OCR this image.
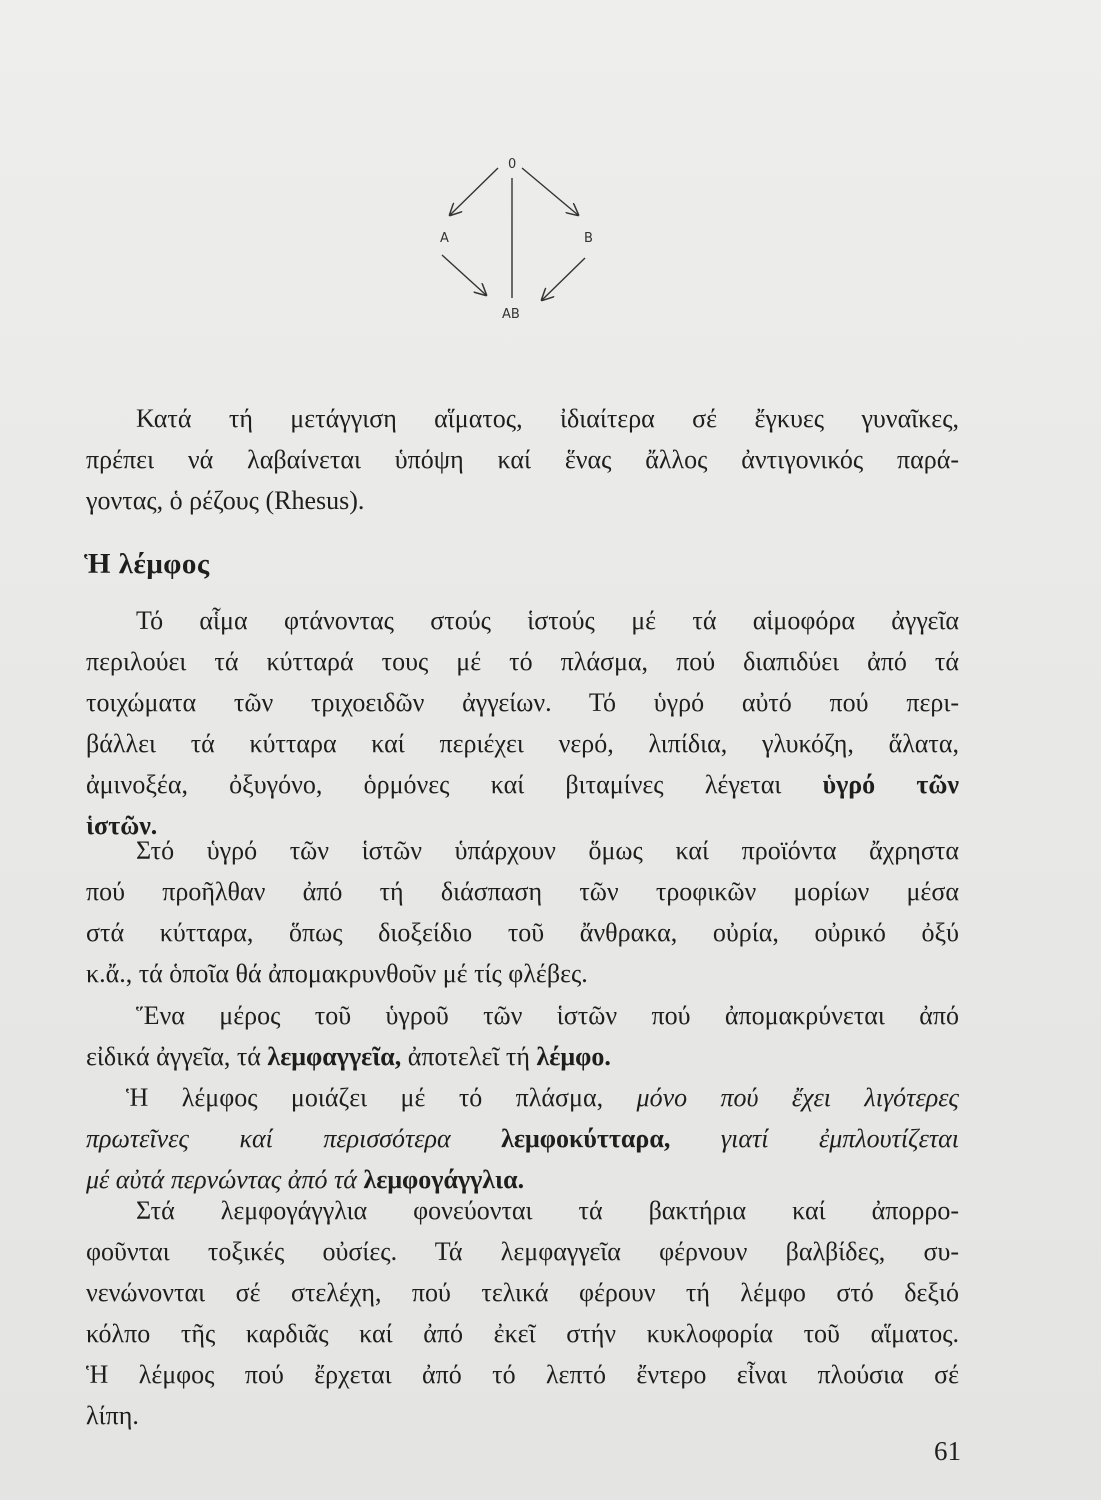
0
A	B
AB
Κατά τή μετάγγιση αἵματος, ἰδιαίτερα σέ ἔγκυες γυναῖκες,
πρέπει νά λαβαίνεται ὑπόψη καί ἕνας ἄλλος ἀντιγονικός παρά-
γοντας, ὁ ρέζους (Rhesus).
Ἡ λέμφος
Τό αἷμα φτάνοντας στούς ἱστούς μέ τά αἱμοφόρα ἀγγεῖα
περιλούει τά κύτταρά τους μέ τό πλάσμα, πού διαπιδύει ἀπό τά
τοιχώματα τῶν τριχοειδῶν ἀγγείων. Τό ὑγρό αὐτό πού περι-
βάλλει τά κύτταρα καί περιέχει νερό, λιπίδια, γλυκόζη, ἅλατα,
ἀμινοξέα, ὀξυγόνο, ὁρμόνες καί βιταμίνες λέγεται ὑγρό τῶν
ἱστῶν.
Στό ὑγρό τῶν ἱστῶν ὑπάρχουν ὅμως καί προϊόντα ἄχρηστα
πού προῆλθαν ἀπό τή διάσπαση τῶν τροφικῶν μορίων μέσα
στά κύτταρα, ὅπως διοξείδιο τοῦ ἄνθρακα, οὐρία, οὐρικό ὀξύ
κ.ἄ., τά ὁποῖα θά ἀπομακρυνθοῦν μέ τίς φλέβες.
Ἕνα μέρος τοῦ ὑγροῦ τῶν ἱστῶν πού ἀπομακρύνεται ἀπό
εἰδικά ἀγγεῖα, τά λεμφαγγεῖα, ἀποτελεῖ τή λέμφο.
Ἡ λέμφος μοιάζει μέ τό πλάσμα, μόνο πού ἔχει λιγότερες
πρωτεῖνες καί περισσότερα λεμφοκύτταρα, γιατί ἐμπλουτίζεται
μέ αὐτά περνώντας ἀπό τά λεμφογάγγλια.
Στά λεμφογάγγλια φονεύονται τά βακτήρια καί ἀπορρο-
φοῦνται τοξικές οὐσίες. Τά λεμφαγγεῖα φέρνουν βαλβίδες, συ-
νενώνονται σέ στελέχη, πού τελικά φέρουν τή λέμφο στό δεξιό
κόλπο τῆς καρδιᾶς καί ἀπό ἐκεῖ στήν κυκλοφορία τοῦ αἵματος.
Ἡ λέμφος πού ἔρχεται ἀπό τό λεπτό ἔντερο εἶναι πλούσια σέ
λίπη.
61
